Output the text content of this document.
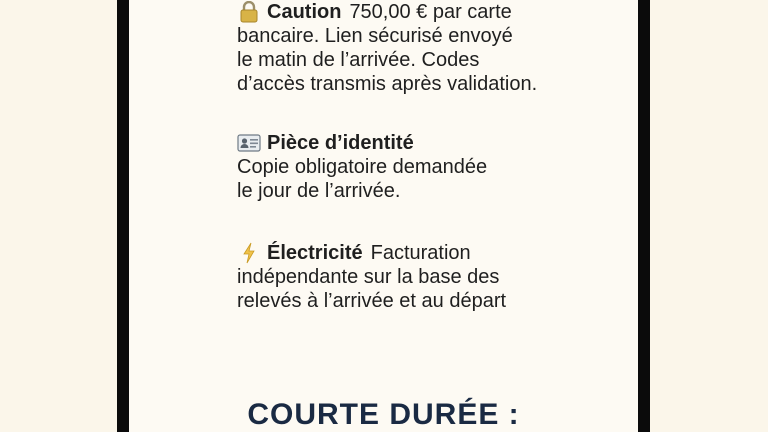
Caution 750,00 € par carte

bancaire. Lien sécurisé envoyé
le matin de l’arrivée. Codes
d’accès transmis après validation.

Pièce d’identité

Copie obligatoire demandée
le jour de l’arrivée.

Électricité Facturation

indépendante sur la base des
relevés à l’arrivée et au départ

COURTE DURÉE :
